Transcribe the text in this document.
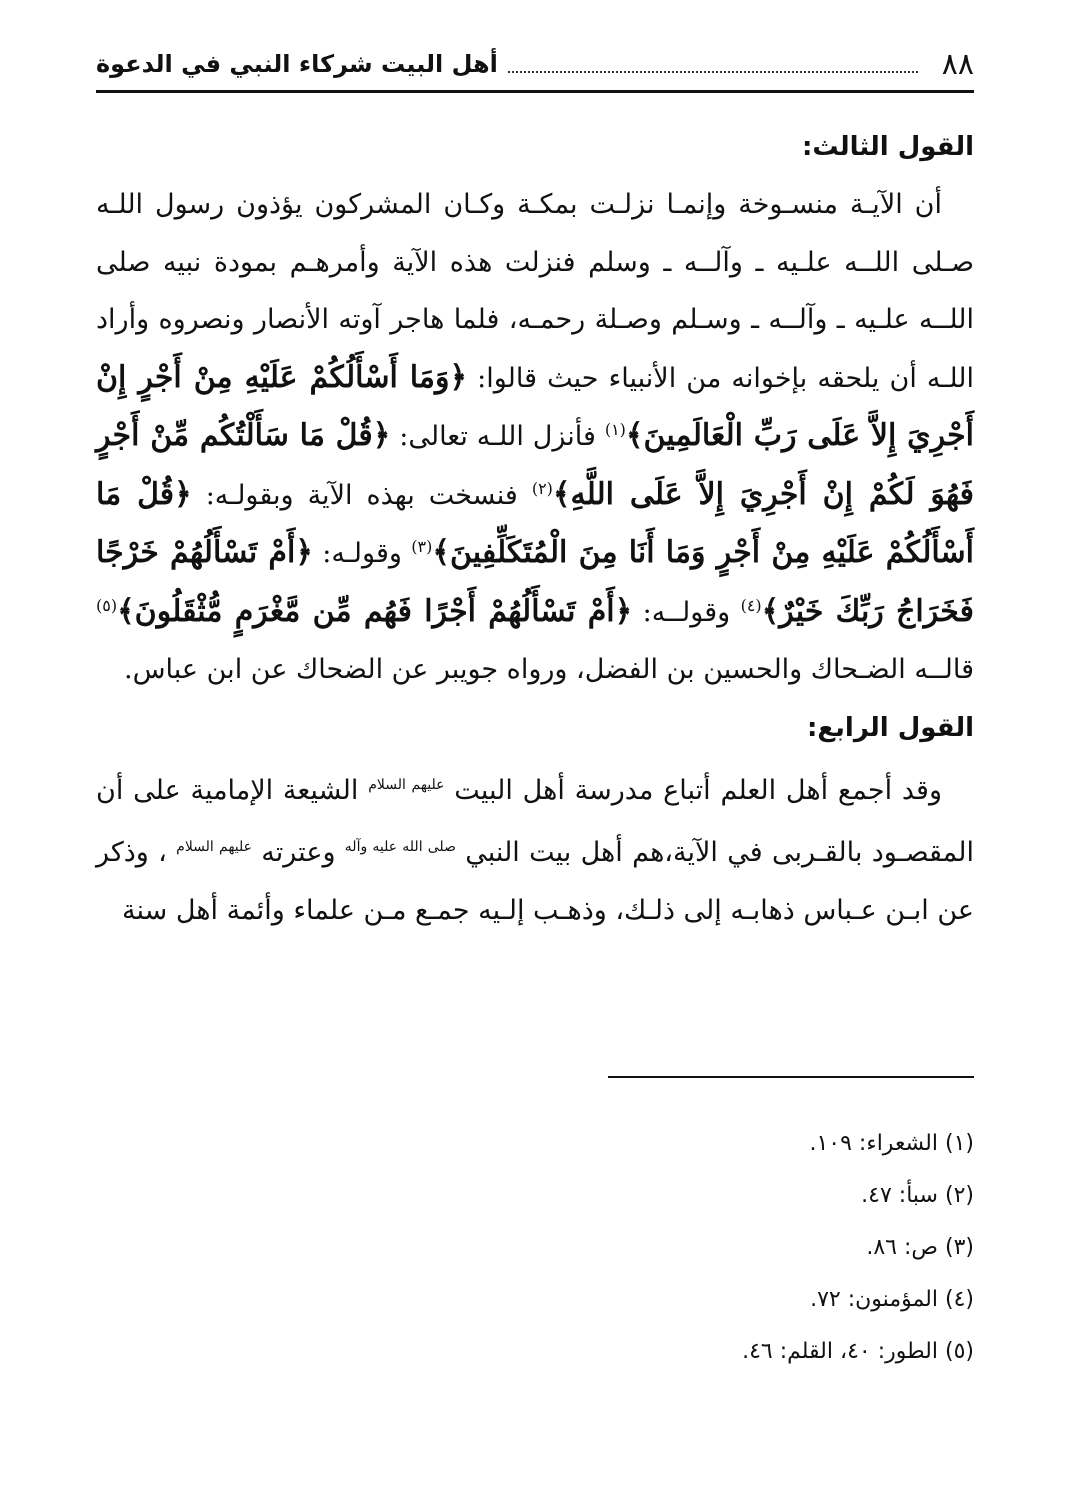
٨٨
أهل البيت شركاء النبي في الدعوة

القول الثالث:

أن الآيـة منسـوخة وإنمـا نزلـت بمكـة وكـان المشركون يؤذون رسول اللـه صـلى اللــه علـيه ـ وآلــه ـ وسلم فنزلت هذه الآية وأمرهـم بمودة نبيه صلى اللــه علـيه ـ وآلــه ـ وسـلم وصـلة رحمـه، فلما هاجر آوته الأنصار ونصروه وأراد اللـه أن يلحقه بإخوانه من الأنبياء حيث قالوا: ﴿وَمَا أَسْأَلُكُمْ عَلَيْهِ مِنْ أَجْرٍ إِنْ أَجْرِيَ إِلاَّ عَلَى رَبِّ الْعَالَمِينَ﴾$^{(١)}$ فأنزل اللـه تعالى: ﴿قُلْ مَا سَأَلْتُكُم مِّنْ أَجْرٍ فَهُوَ لَكُمْ إِنْ أَجْرِيَ إِلاَّ عَلَى اللَّهِ﴾$^{(٢)}$ فنسخت بهذه الآية وبقولـه: ﴿قُلْ مَا أَسْأَلُكُمْ عَلَيْهِ مِنْ أَجْرٍ وَمَا أَنَا مِنَ الْمُتَكَلِّفِينَ﴾$^{(٣)}$ وقولـه: ﴿أَمْ تَسْأَلُهُمْ خَرْجًا فَخَرَاجُ رَبِّكَ خَيْرٌ﴾$^{(٤)}$ وقولــه: ﴿أَمْ تَسْأَلُهُمْ أَجْرًا فَهُم مِّن مَّغْرَمٍ مُّثْقَلُونَ﴾$^{(٥)}$ قالــه الضـحاك والحسين بن الفضل، ورواه جويبر عن الضحاك عن ابن عباس.

القول الرابع:

وقد أجمع أهل العلم أتباع مدرسة أهل البيت $^{عليهم السلام}$ الشيعة الإمامية على أن المقصـود بالقـربى في الآية،هم أهل بيت النبي $^{صلى الله عليه وآله}$ وعترته $^{عليهم السلام}$ ، وذكر عن ابـن عـباس ذهابـه إلى ذلـك، وذهـب إلـيه جمـع مـن علماء وأئمة أهل سنة

(١) الشعراء: ١٠٩.
(٢) سبأ: ٤٧.
(٣) ص: ٨٦.
(٤) المؤمنون: ٧٢.
(٥) الطور: ٤٠، القلم: ٤٦.
